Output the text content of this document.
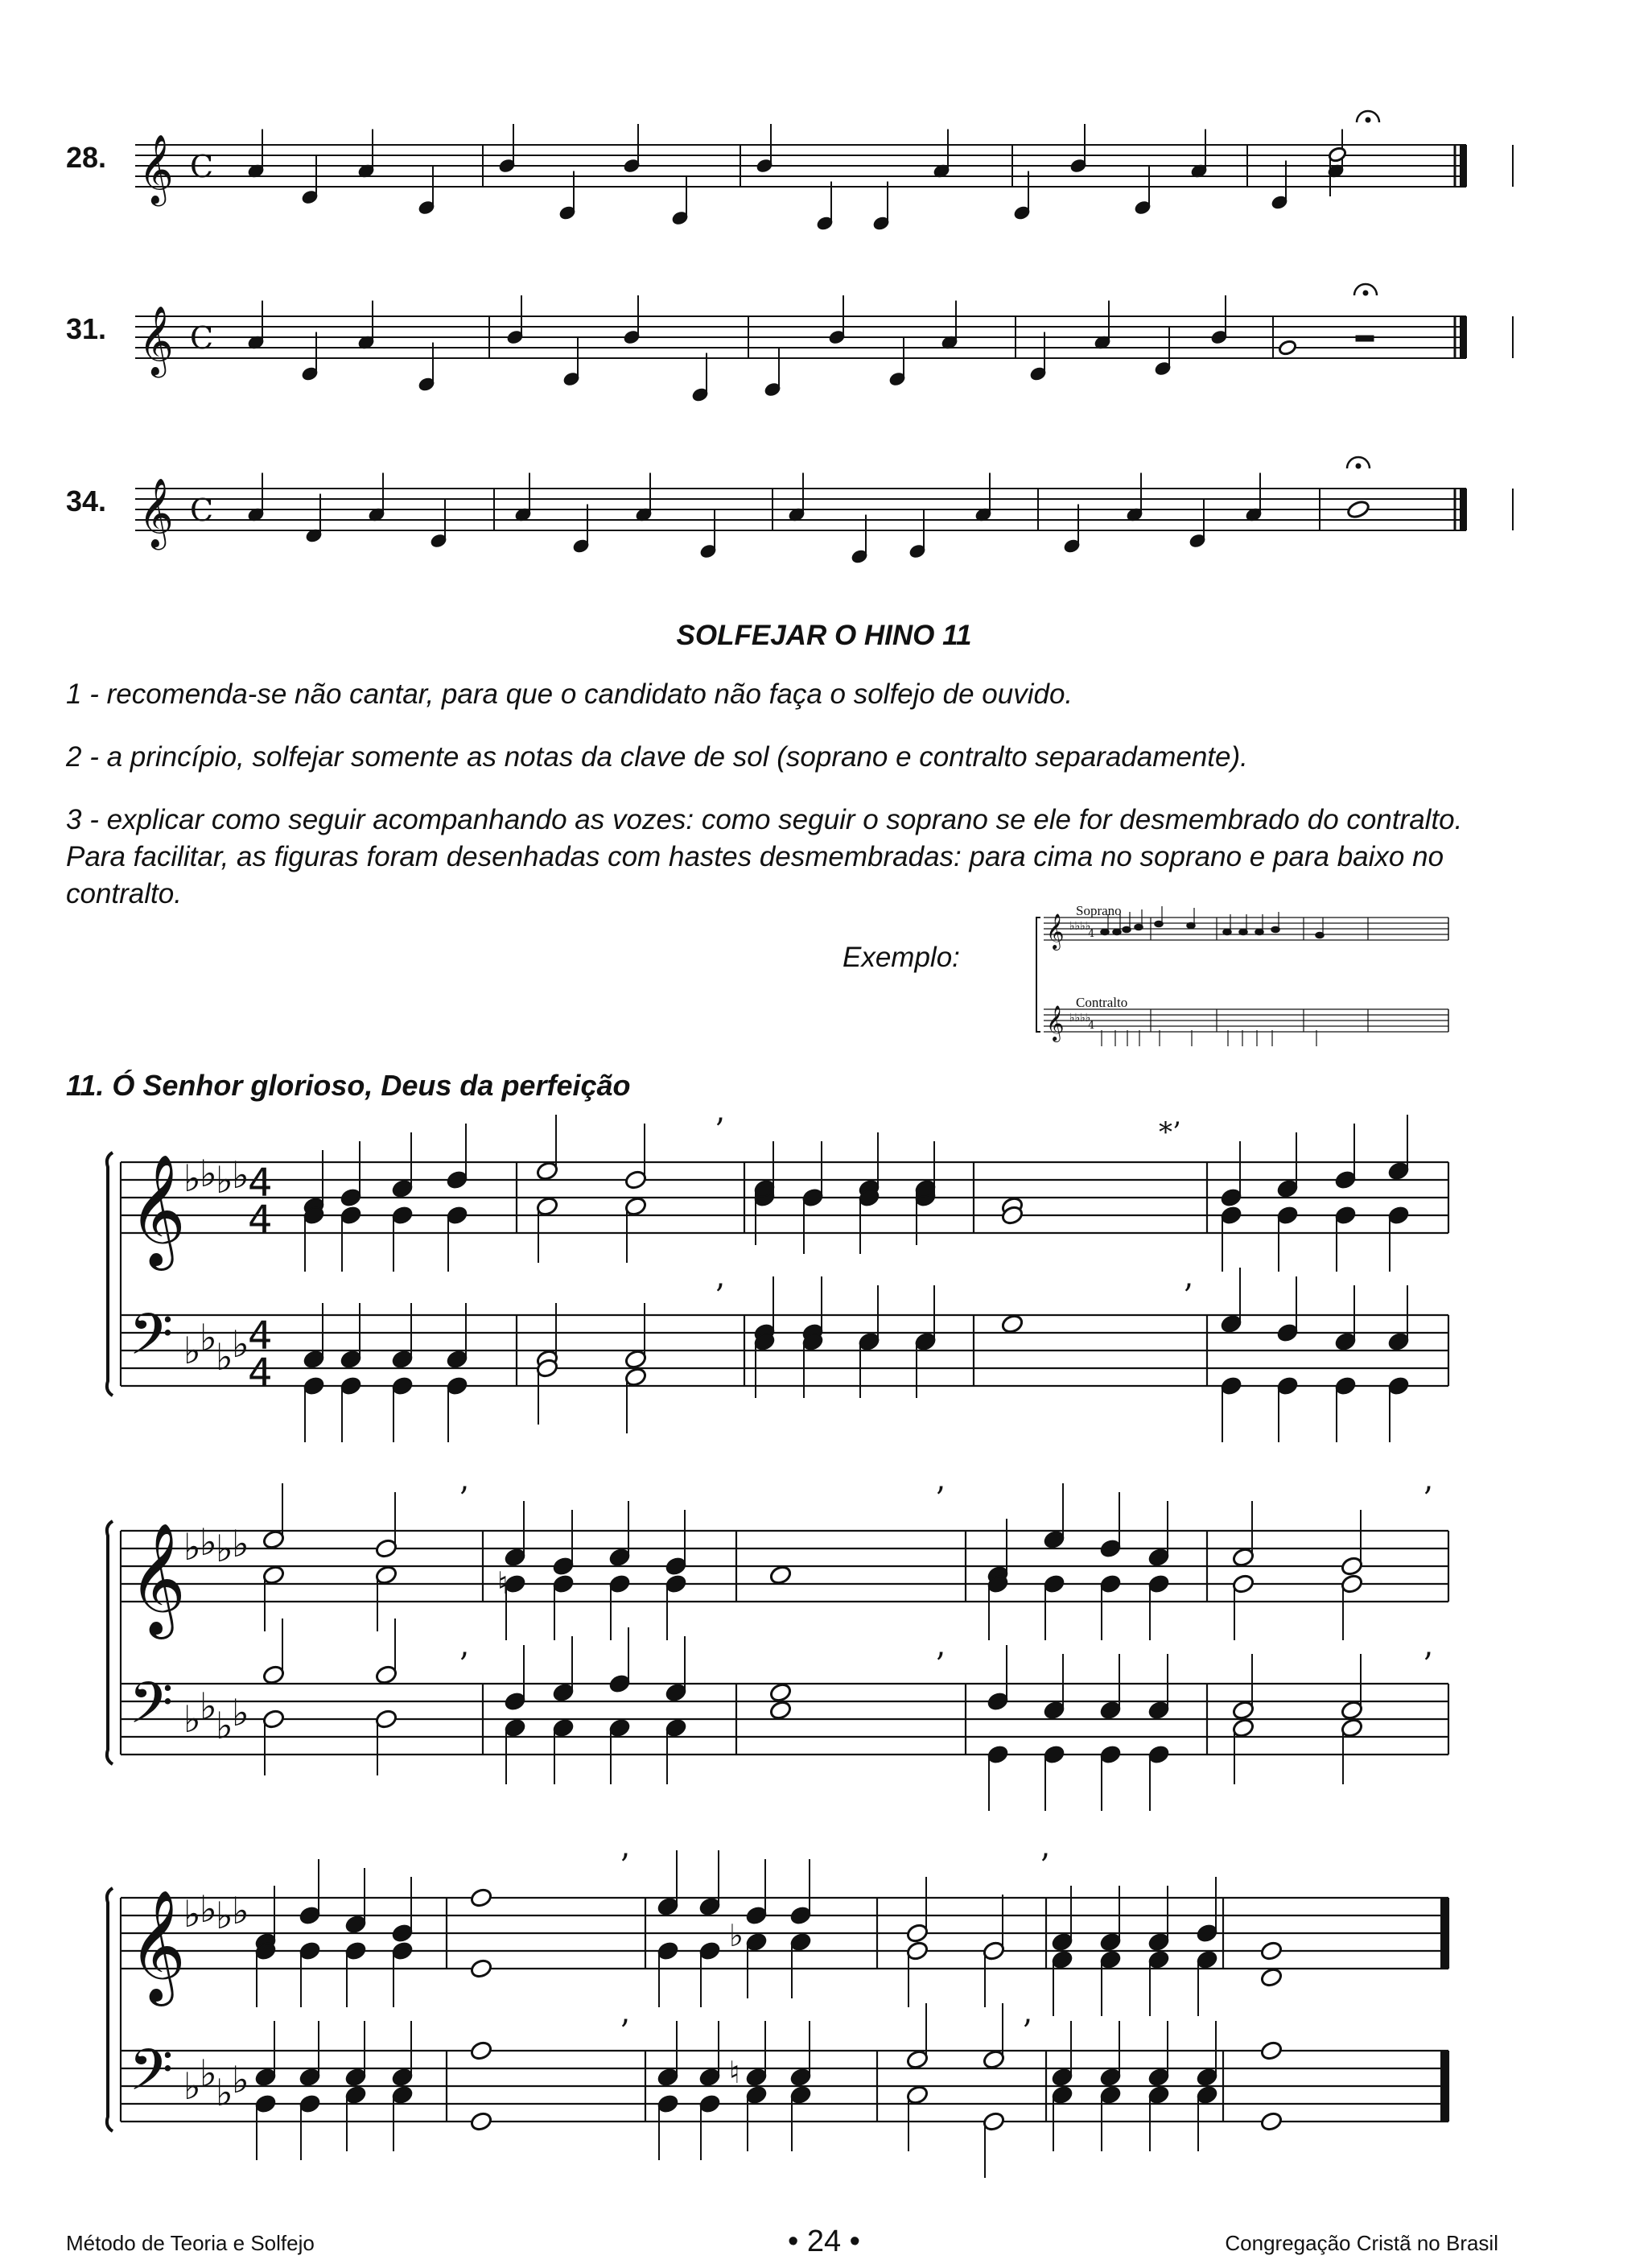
28.
31.
34.
𝄞 C
𝄞 C
𝄞 C
SOLFEJAR O HINO 11
1 - recomenda-se não cantar, para que o candidato não faça o solfejo de ouvido.
2 - a princípio, solfejar somente as notas da clave de sol (soprano e contralto separadamente).
3 - explicar como seguir acompanhando as vozes: como seguir o soprano se ele for desmembrado do contralto. Para facilitar, as figuras foram desenhadas com hastes desmembradas: para cima no soprano e para baixo no contralto.
Exemplo:
Soprano
Contralto
𝄞 ♭♭♭♭
4
𝄞 ♭♭♭♭
4
11. Ó Senhor glorioso, Deus da perfeição
𝄞
𝄢
♭
♭
♭
♭
♭
♭
♭
♭
4
4
4
4
𝄞
𝄢
♭
♭
♭
♭
♭
♭
♭
♭
𝄞
𝄢
♭
♭
♭
♭
♭
♭
♭
♭
’	*’
’	’
’	’	’
’	’	’
♮
’	’
’	’
♭
♮
Método de Teoria e Solfejo	• 24 •	Congregação Cristã no Brasil
